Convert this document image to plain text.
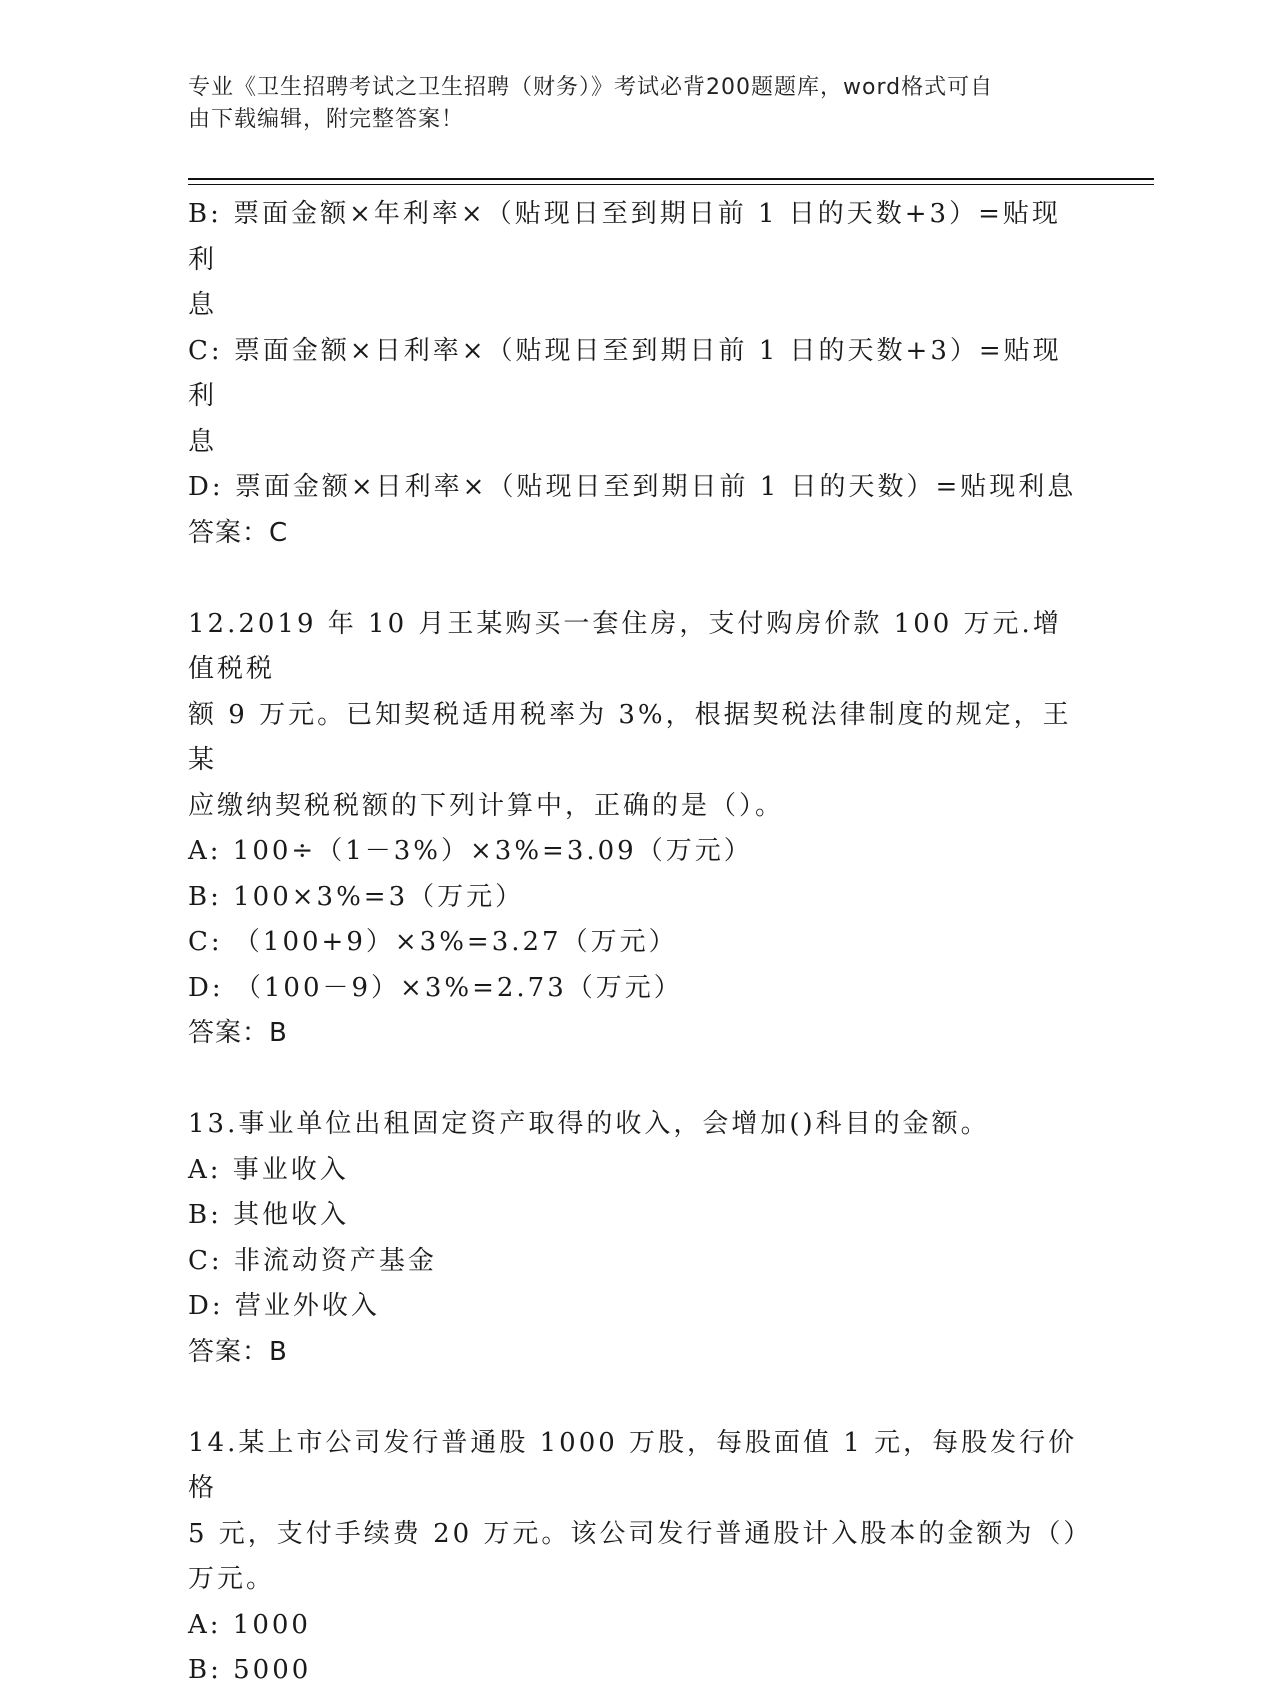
专业《卫生招聘考试之卫生招聘（财务）》考试必背200题题库，word格式可自
由下载编辑，附完整答案！
B: 票面金额×年利率×（贴现日至到期日前 1 日的天数+3）=贴现利
息
C: 票面金额×日利率×（贴现日至到期日前 1 日的天数+3）=贴现利
息
D: 票面金额×日利率×（贴现日至到期日前 1 日的天数）=贴现利息
答案：C
12.2019 年 10 月王某购买一套住房，支付购房价款 100 万元.增值税税
额 9 万元。已知契税适用税率为 3%，根据契税法律制度的规定，王某
应缴纳契税税额的下列计算中，正确的是（）。
A: 100÷（1－3%）×3%=3.09（万元）
B: 100×3%=3（万元）
C: （100+9）×3%=3.27（万元）
D: （100－9）×3%=2.73（万元）
答案：B
13.事业单位出租固定资产取得的收入，会增加()科目的金额。
A: 事业收入
B: 其他收入
C: 非流动资产基金
D: 营业外收入
答案：B
14.某上市公司发行普通股 1000 万股，每股面值 1 元，每股发行价格
5 元，支付手续费 20 万元。该公司发行普通股计入股本的金额为（）
万元。
A: 1000
B: 5000
